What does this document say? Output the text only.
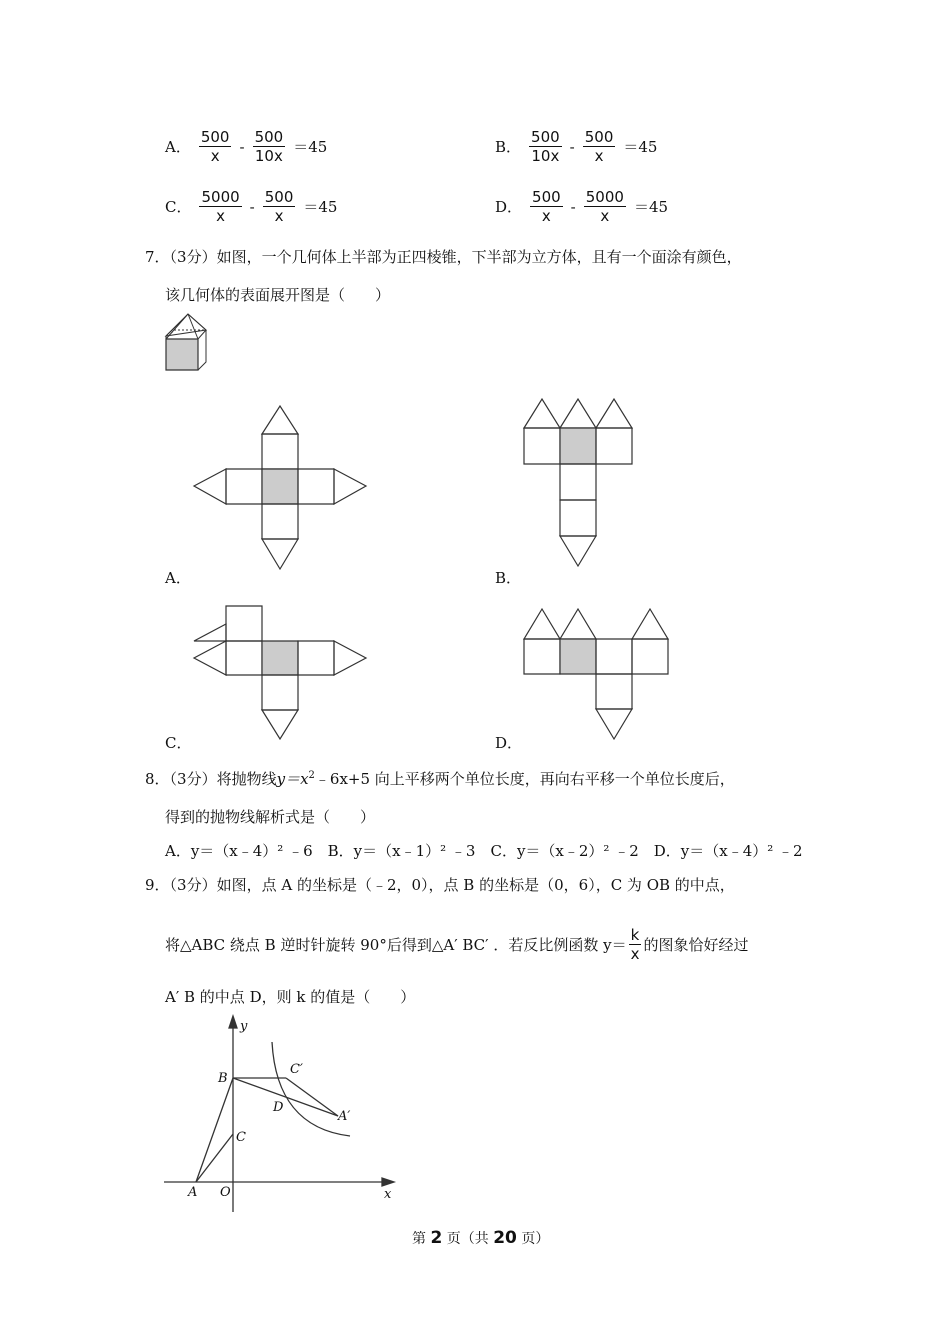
A． $\frac{500}{x} - \frac{500}{10x} =45$	B． $\frac{500}{10x} - \frac{500}{x} =45$
C． $\frac{5000}{x} - \frac{500}{x} =45$	D． $\frac{500}{x} - \frac{5000}{x} =45$
7．（3分）如图，一个几何体上半部为正四棱锥，下半部为立方体，且有一个面涂有颜色，
该几何体的表面展开图是（　　）
A．	B．
C．	D．
8．（3分）将抛物线$y=x^2﹣6x+5$ 向上平移两个单位长度，再向右平移一个单位长度后，
得到的抛物线解析式是（　　）
A．y＝（x﹣4）² ﹣6　B．y＝（x﹣1）² ﹣3　C．y＝（x﹣2）² ﹣2　D．y＝（x﹣4）² ﹣2
9．（3分）如图，点 A 的坐标是（﹣2，0），点 B 的坐标是（0，6），C 为 OB 的中点，
将△ABC 绕点 B 逆时针旋转 90°后得到△A′ BC′ ．若反比例函数 $y= \frac{k}{x}$ 的图象恰好经过
A′ B 的中点 D，则 k 的值是（　　）
y
B
C
C′
D
A′
A O	x
第 2 页（共 20 页）
